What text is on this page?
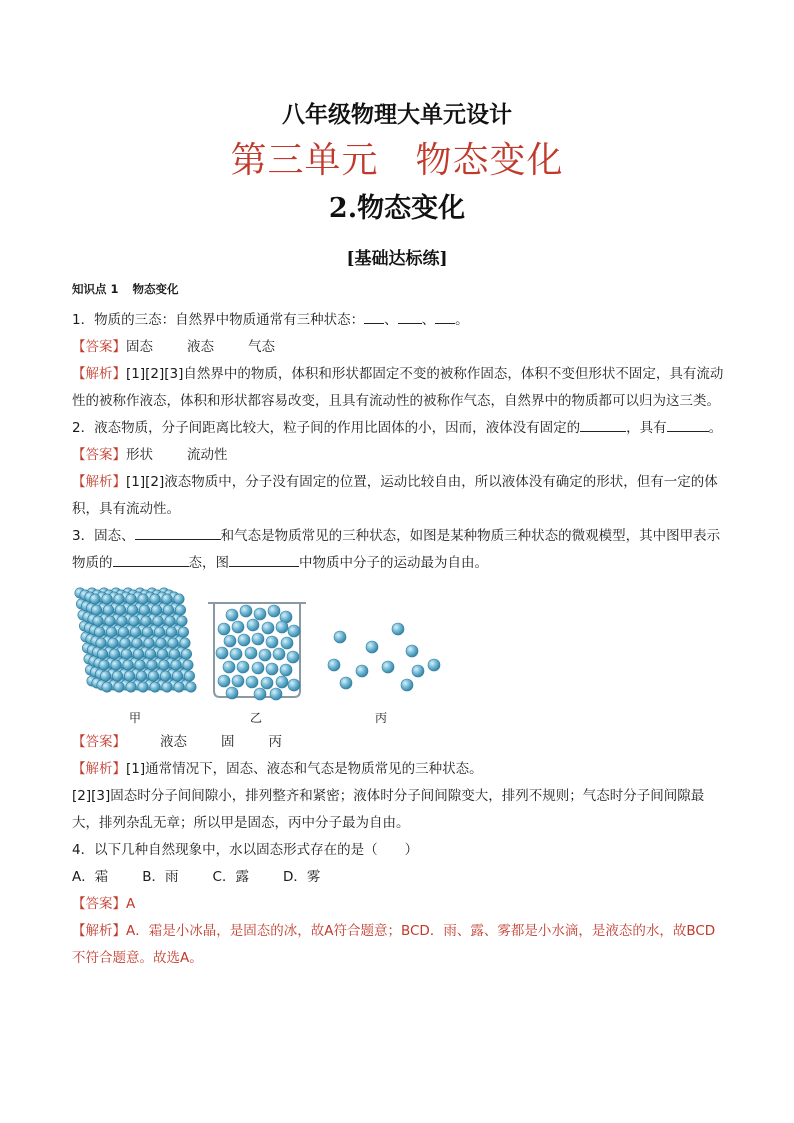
八年级物理大单元设计
第三单元　物态变化
2.物态变化
[基础达标练]
知识点 1 物态变化
1．物质的三态：自然界中物质通常有三种状态： 、 、 。
【答案】固态	液态	气态
【解析】[1][2][3]自然界中的物质，体积和形状都固定不变的被称作固态，体积不变但形状不固定，具有流动性的被称作液态，体积和形状都容易改变，且具有流动性的被称作气态，自然界中的物质都可以归为这三类。
2．液态物质，分子间距离比较大，粒子间的作用比固体的小，因而，液体没有固定的	，具有	。
【答案】形状	流动性
【解析】[1][2]液态物质中，分子没有固定的位置，运动比较自由，所以液体没有确定的形状，但有一定的体积，具有流动性。
3．固态、	和气态是物质常见的三种状态，如图是某种物质三种状态的微观模型，其中图甲表示物质的	态，图	中物质中分子的运动最为自由。
甲	乙	丙
【答案】	液态	固	丙
【解析】[1]通常情况下，固态、液态和气态是物质常见的三种状态。
[2][3]固态时分子间间隙小，排列整齐和紧密；液体时分子间间隙变大，排列不规则；气态时分子间间隙最大，排列杂乱无章；所以甲是固态，丙中分子最为自由。
4．以下几种自然现象中，水以固态形式存在的是（　　）
A．霜	B．雨	C．露	D．雾
【答案】A
【解析】A．霜是小冰晶，是固态的冰，故A符合题意；BCD．雨、露、雾都是小水滴，是液态的水，故BCD不符合题意。故选A。
